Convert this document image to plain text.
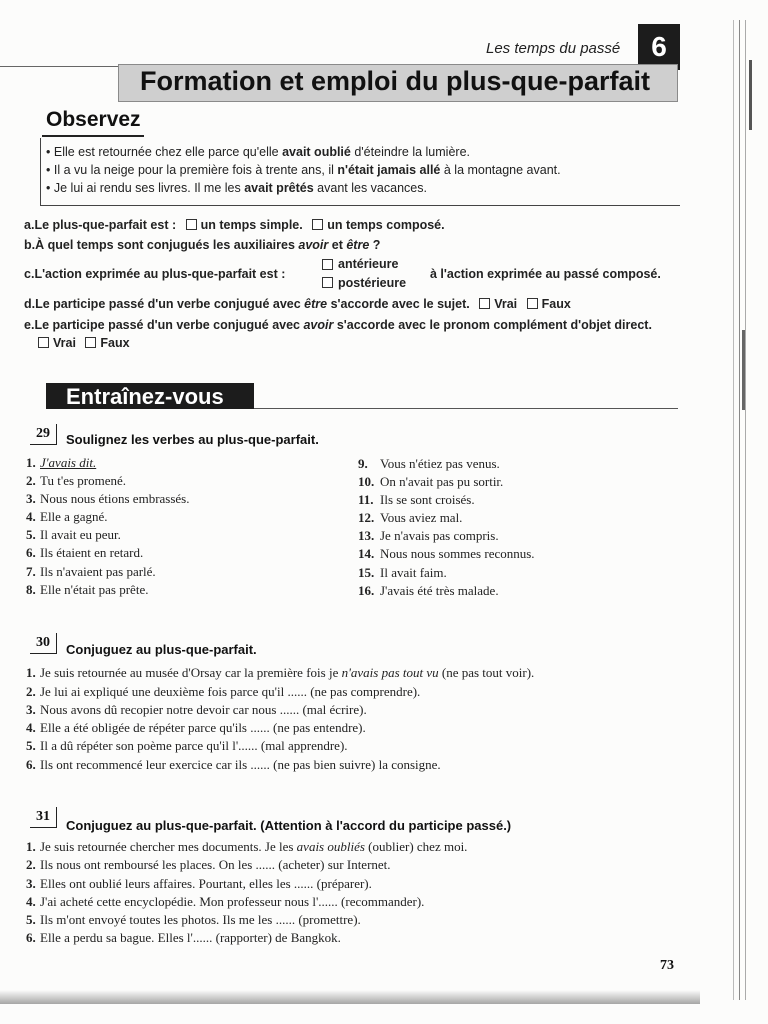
Les temps du passé 6
Formation et emploi du plus-que-parfait
Observez
• Elle est retournée chez elle parce qu'elle avait oublié d'éteindre la lumière.
• Il a vu la neige pour la première fois à trente ans, il n'était jamais allé à la montagne avant.
• Je lui ai rendu ses livres. Il me les avait prêtés avant les vacances.
a.Le plus-que-parfait est : un temps simple. un temps composé.
b.À quel temps sont conjugués les auxiliaires avoir et être ?
c.L'action exprimée au plus-que-parfait est :
antérieure
postérieure
à l'action exprimée au passé composé.
d.Le participe passé d'un verbe conjugué avec être s'accorde avec le sujet. Vrai Faux
e.Le participe passé d'un verbe conjugué avec avoir s'accorde avec le pronom complément d'objet direct.
Vrai Faux
Entraînez-vous
29 Soulignez les verbes au plus-que-parfait.
1. J'avais dit.
2. Tu t'es promené.
3. Nous nous étions embrassés.
4. Elle a gagné.
5. Il avait eu peur.
6. Ils étaient en retard.
7. Ils n'avaient pas parlé.
8. Elle n'était pas prête.
9. Vous n'étiez pas venus.
10. On n'avait pas pu sortir.
11. Ils se sont croisés.
12. Vous aviez mal.
13. Je n'avais pas compris.
14. Nous nous sommes reconnus.
15. Il avait faim.
16. J'avais été très malade.
30 Conjuguez au plus-que-parfait.
1. Je suis retournée au musée d'Orsay car la première fois je n'avais pas tout vu (ne pas tout voir).
2. Je lui ai expliqué une deuxième fois parce qu'il ...... (ne pas comprendre).
3. Nous avons dû recopier notre devoir car nous ...... (mal écrire).
4. Elle a été obligée de répéter parce qu'ils ...... (ne pas entendre).
5. Il a dû répéter son poème parce qu'il l'...... (mal apprendre).
6. Ils ont recommencé leur exercice car ils ...... (ne pas bien suivre) la consigne.
31
Conjuguez au plus-que-parfait. (Attention à l'accord du participe passé.)
1. Je suis retournée chercher mes documents. Je les avais oubliés (oublier) chez moi.
2. Ils nous ont remboursé les places. On les ...... (acheter) sur Internet.
3. Elles ont oublié leurs affaires. Pourtant, elles les ...... (préparer).
4. J'ai acheté cette encyclopédie. Mon professeur nous l'...... (recommander).
5. Ils m'ont envoyé toutes les photos. Ils me les ...... (promettre).
6. Elle a perdu sa bague. Elles l'...... (rapporter) de Bangkok.
73
